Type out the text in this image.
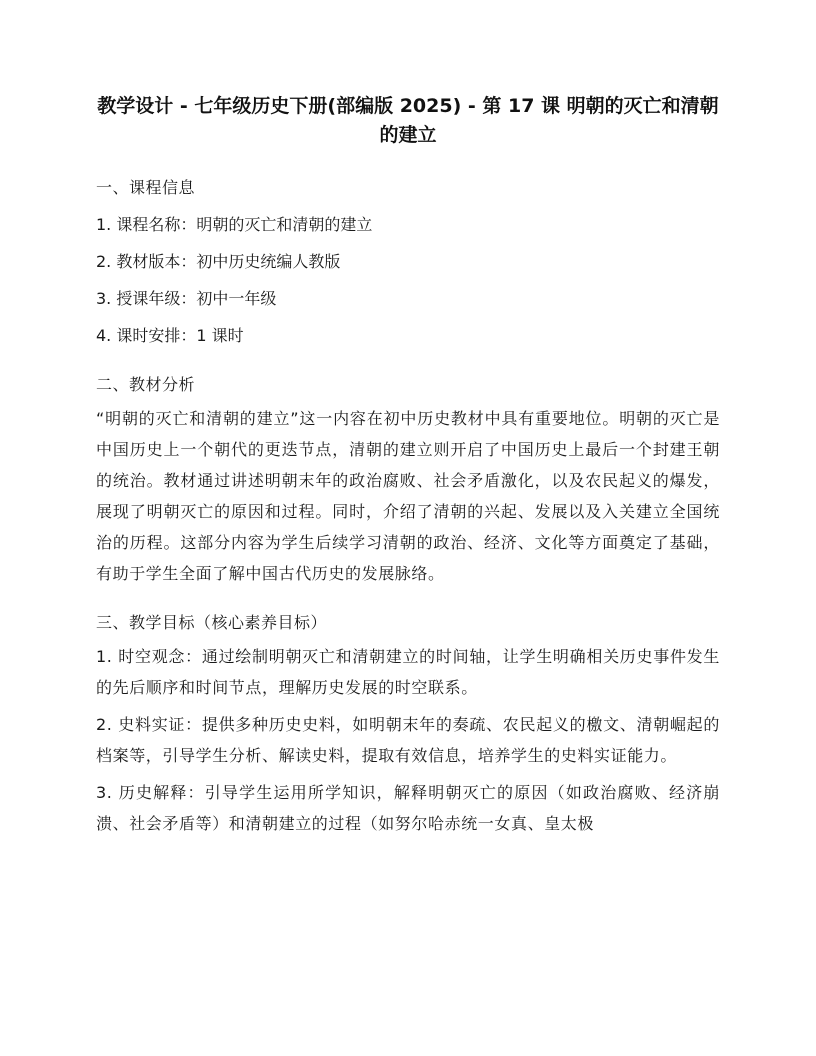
教学设计 - 七年级历史下册(部编版 2025) - 第 17 课 明朝的灭亡和清朝的建立
一、课程信息

1. 课程名称：明朝的灭亡和清朝的建立

2. 教材版本：初中历史统编人教版

3. 授课年级：初中一年级

4. 课时安排：1 课时

二、教材分析

“明朝的灭亡和清朝的建立”这一内容在初中历史教材中具有重要地位。明朝的灭亡是中国历史上一个朝代的更迭节点，清朝的建立则开启了中国历史上最后一个封建王朝的统治。教材通过讲述明朝末年的政治腐败、社会矛盾激化，以及农民起义的爆发，展现了明朝灭亡的原因和过程。同时，介绍了清朝的兴起、发展以及入关建立全国统治的历程。这部分内容为学生后续学习清朝的政治、经济、文化等方面奠定了基础，有助于学生全面了解中国古代历史的发展脉络。

三、教学目标（核心素养目标）

1. 时空观念：通过绘制明朝灭亡和清朝建立的时间轴，让学生明确相关历史事件发生的先后顺序和时间节点，理解历史发展的时空联系。

2. 史料实证：提供多种历史史料，如明朝末年的奏疏、农民起义的檄文、清朝崛起的档案等，引导学生分析、解读史料，提取有效信息，培养学生的史料实证能力。

3. 历史解释：引导学生运用所学知识，解释明朝灭亡的原因（如政治腐败、经济崩溃、社会矛盾等）和清朝建立的过程（如努尔哈赤统一女真、皇太极
